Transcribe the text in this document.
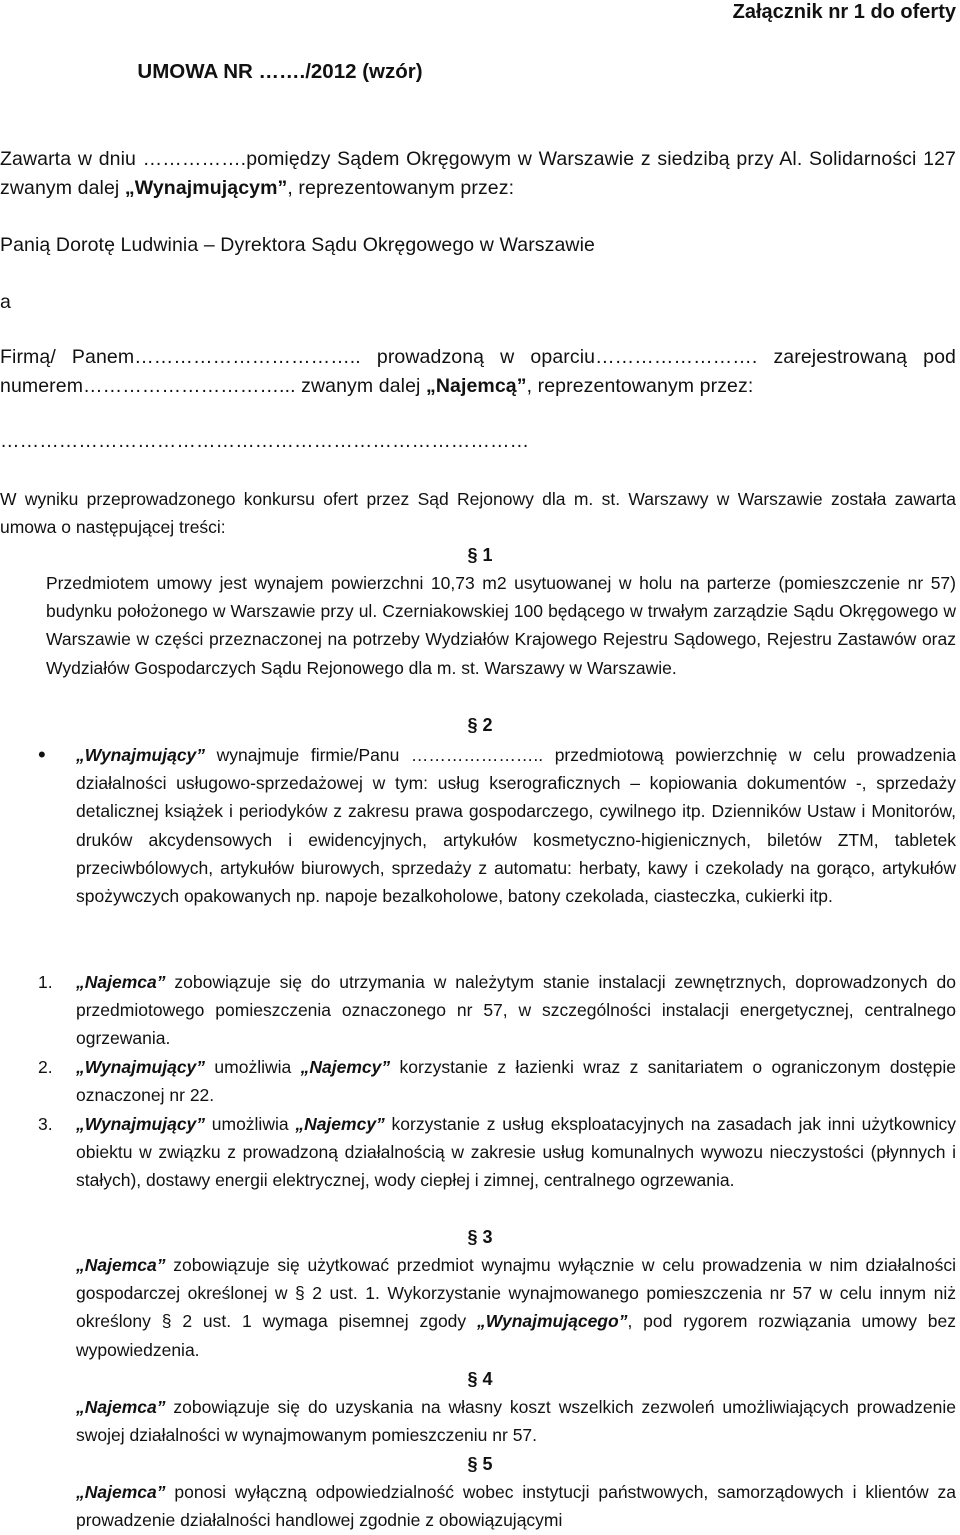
Załącznik nr 1 do oferty
UMOWA NR ……./2012 (wzór)
Zawarta w dniu …………….pomiędzy Sądem Okręgowym w Warszawie z siedzibą przy Al. Solidarności 127 zwanym dalej „Wynajmującym”, reprezentowanym przez:
Panią Dorotę Ludwinia – Dyrektora Sądu Okręgowego w Warszawie
a
Firmą/ Panem…………………………….. prowadzoną w oparciu……………………. zarejestrowaną pod numerem…………………………... zwanym dalej „Najemcą”, reprezentowanym przez:
………………………………………………………………………
W wyniku przeprowadzonego konkursu ofert przez Sąd Rejonowy dla m. st. Warszawy w Warszawie została zawarta umowa o następującej treści:
§ 1
Przedmiotem umowy jest wynajem powierzchni 10,73 m2 usytuowanej w holu na parterze (pomieszczenie nr 57) budynku położonego w Warszawie przy ul. Czerniakowskiej 100 będącego w trwałym zarządzie Sądu Okręgowego w Warszawie w części przeznaczonej na potrzeby Wydziałów Krajowego Rejestru Sądowego, Rejestru Zastawów oraz Wydziałów Gospodarczych Sądu Rejonowego dla m. st. Warszawy w Warszawie.
§ 2
• „Wynajmujący” wynajmuje firmie/Panu ………………….. przedmiotową powierzchnię w celu prowadzenia działalności usługowo-sprzedażowej w tym: usług kserograficznych – kopiowania dokumentów -, sprzedaży detalicznej książek i periodyków z zakresu prawa gospodarczego, cywilnego itp. Dzienników Ustaw i Monitorów, druków akcydensowych i ewidencyjnych, artykułów kosmetyczno-higienicznych, biletów ZTM, tabletek przeciwbólowych, artykułów biurowych, sprzedaży z automatu: herbaty, kawy i czekolady na gorąco, artykułów spożywczych opakowanych np. napoje bezalkoholowe, batony czekolada, ciasteczka, cukierki itp.
1. „Najemca” zobowiązuje się do utrzymania w należytym stanie instalacji zewnętrznych, doprowadzonych do przedmiotowego pomieszczenia oznaczonego nr 57, w szczególności instalacji energetycznej, centralnego ogrzewania.
2. „Wynajmujący” umożliwia „Najemcy” korzystanie z łazienki wraz z sanitariatem o ograniczonym dostępie oznaczonej nr 22.
3. „Wynajmujący” umożliwia „Najemcy” korzystanie z usług eksploatacyjnych na zasadach jak inni użytkownicy obiektu w związku z prowadzoną działalnością w zakresie usług komunalnych wywozu nieczystości (płynnych i stałych), dostawy energii elektrycznej, wody ciepłej i zimnej, centralnego ogrzewania.
§ 3
„Najemca” zobowiązuje się użytkować przedmiot wynajmu wyłącznie w celu prowadzenia w nim działalności gospodarczej określonej w § 2 ust. 1. Wykorzystanie wynajmowanego pomieszczenia nr 57 w celu innym niż określony § 2 ust. 1 wymaga pisemnej zgody „Wynajmującego”, pod rygorem rozwiązania umowy bez wypowiedzenia.
§ 4
„Najemca” zobowiązuje się do uzyskania na własny koszt wszelkich zezwoleń umożliwiających prowadzenie swojej działalności w wynajmowanym pomieszczeniu nr 57.
§ 5
„Najemca” ponosi wyłączną odpowiedzialność wobec instytucji państwowych, samorządowych i klientów za prowadzenie działalności handlowej zgodnie z obowiązującymi
